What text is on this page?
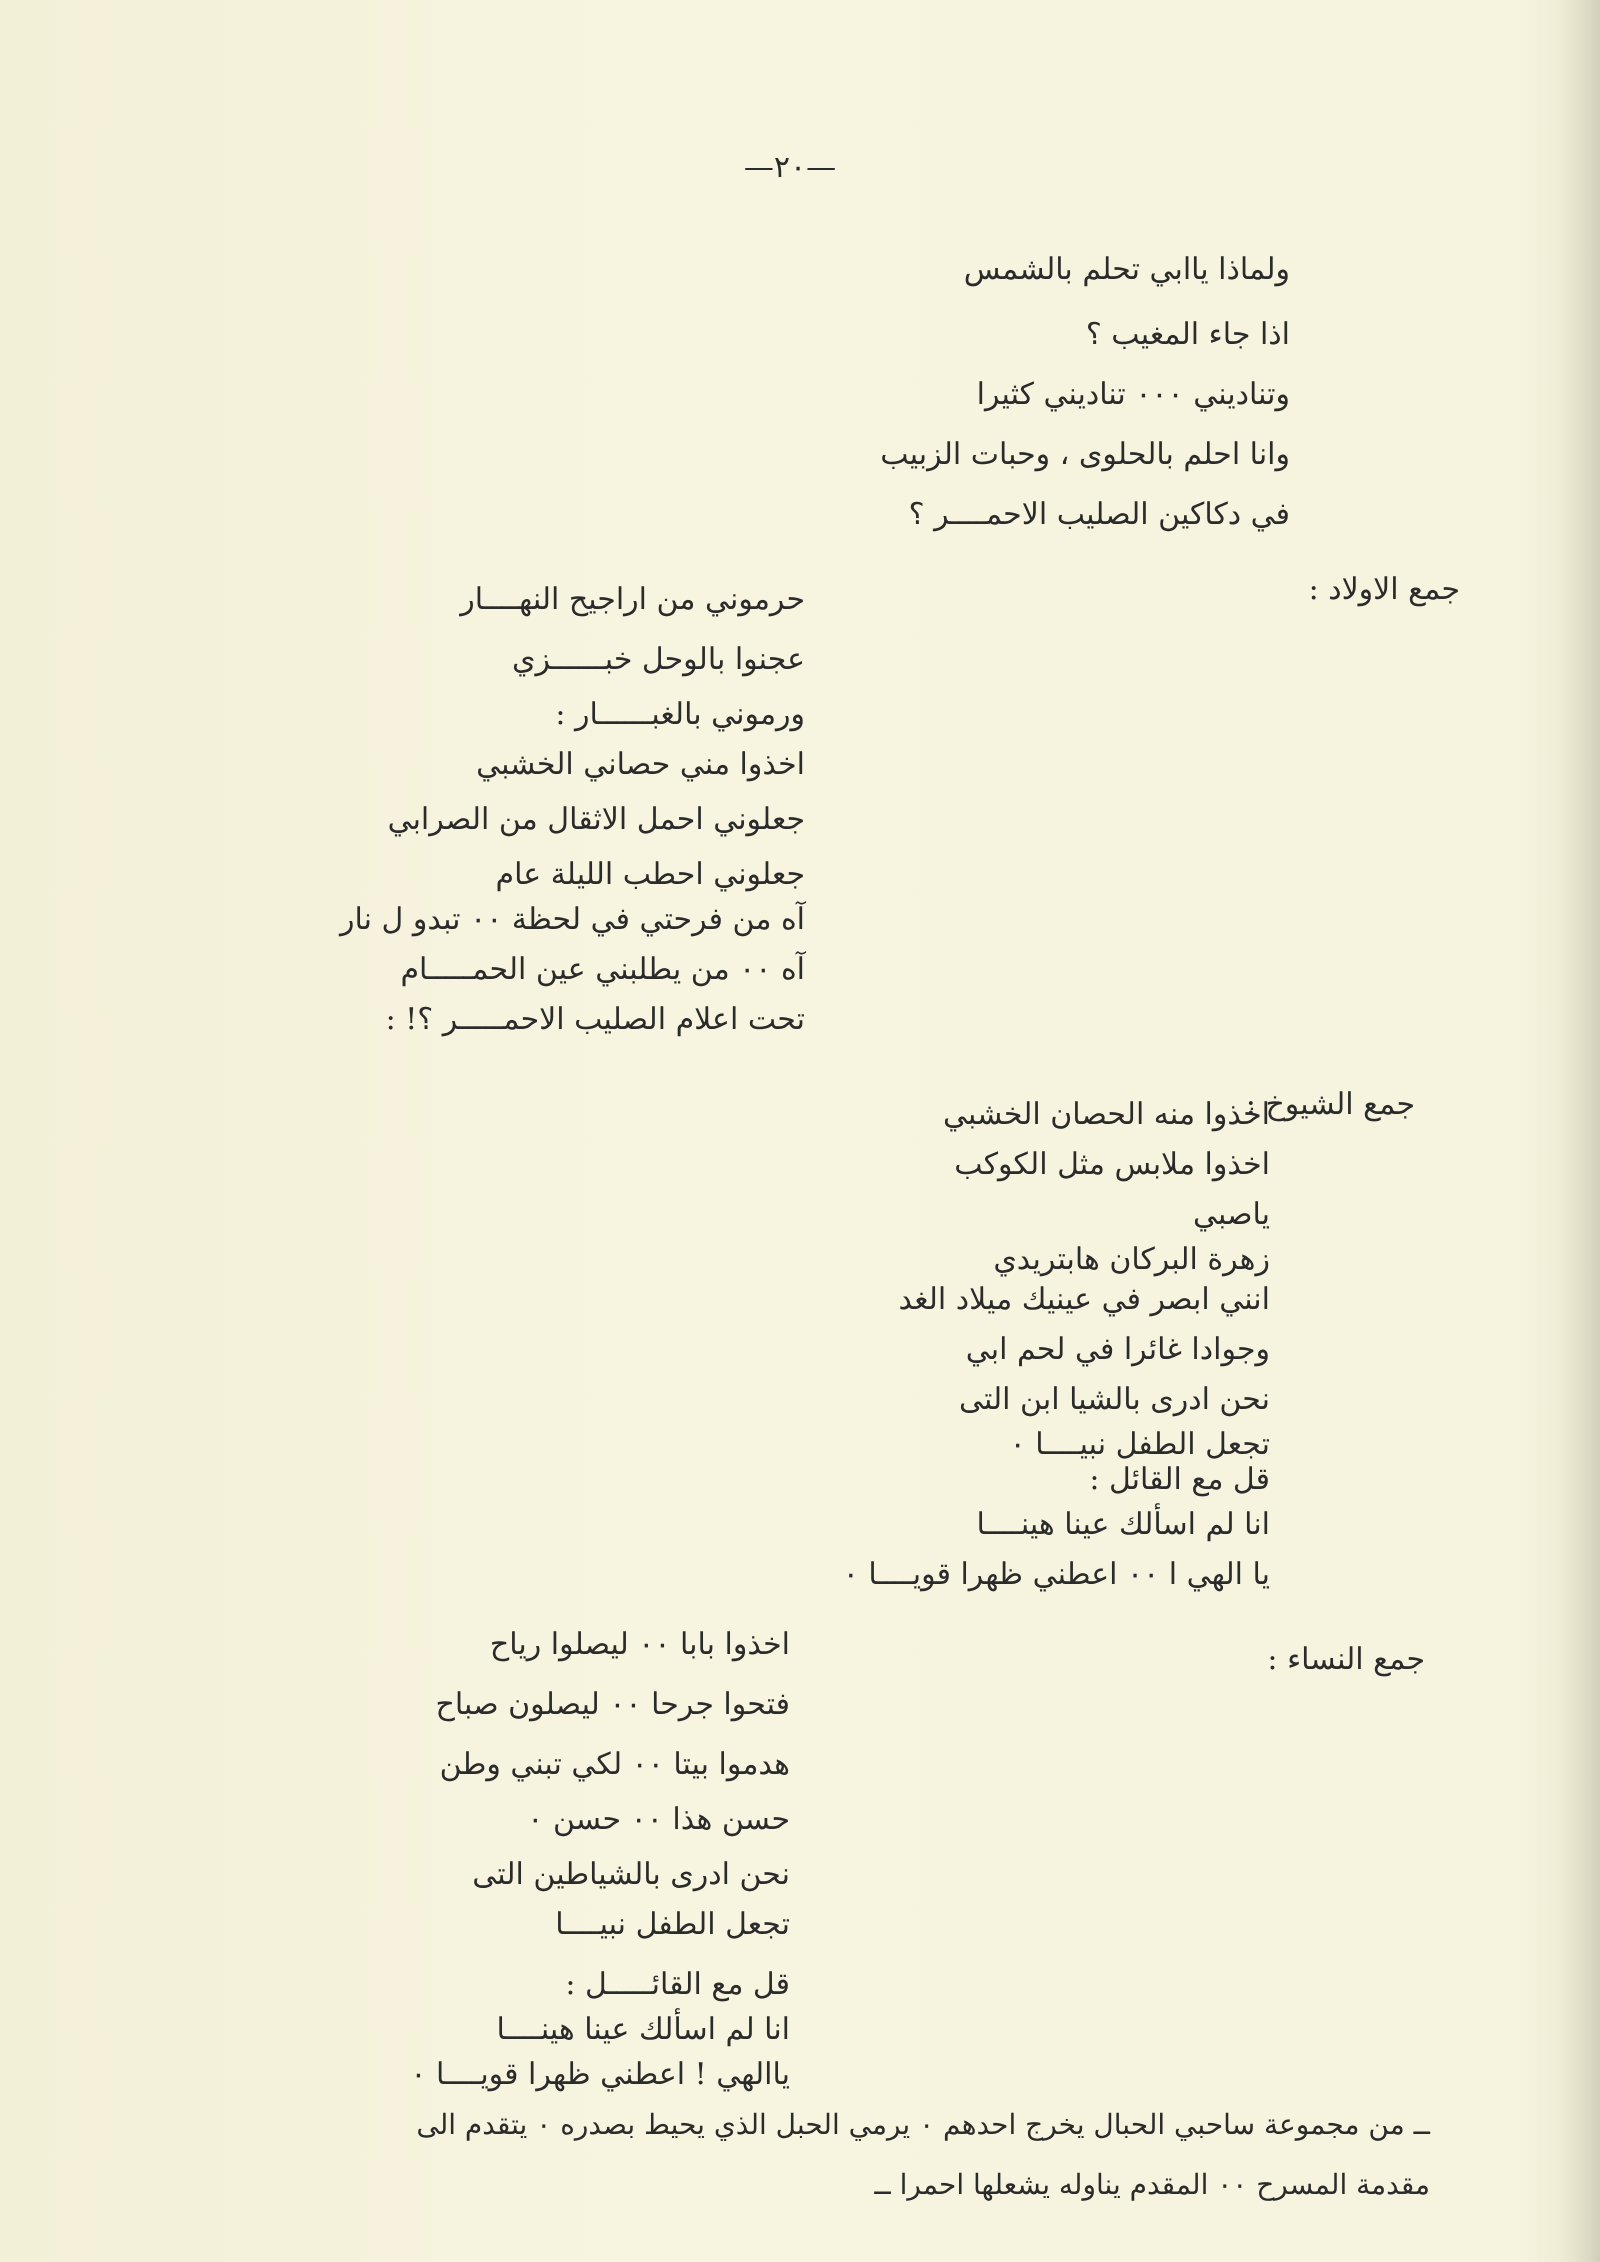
—٢٠—
ولماذا ياابي تحلم بالشمس
اذا جاء المغيب ؟
وتناديني ٠٠٠ تناديني كثيرا
وانا احلم بالحلوى ، وحبات الزبيب
في دكاكين الصليب الاحمــــر ؟
جمع الاولاد :
حرموني من اراجيح النهــــار
عجنوا بالوحل خبــــــزي
ورموني بالغبــــــار :
اخذوا مني حصاني الخشبي
جعلوني احمل الاثقال من الصرابي
جعلوني احطب الليلة عام
آه من فرحتي في لحظة ٠٠ تبدو ل نار
آه ٠٠ من يطلبني عين الحمـــــام
تحت اعلام الصليب الاحمـــــر ؟! :
جمع الشيوخ :
اخذوا منه الحصان الخشبي
اخذوا ملابس مثل الكوكب
ياصبي
زهرة البركان هابتريدي
انني ابصر في عينيك ميلاد الغد
وجوادا غائرا في لحم ابي
نحن ادرى بالشيا ابن التى
تجعل الطفل نبيــــا ٠
قل مع القائل :
انا لم اسألك عينا هينــــا
يا الهي ا ٠٠ اعطني ظهرا قويــــا ٠
جمع النساء :
اخذوا بابا ٠٠ ليصلوا رياح
فتحوا جرحا ٠٠ ليصلون صباح
هدموا بيتا ٠٠ لكي تبني وطن
حسن هذا ٠٠ حسن ٠
نحن ادرى بالشياطين التى
تجعل الطفل نبيــــا
قل مع القائـــــل :
انا لم اسألك عينا هينــــا
ياالهي ! اعطني ظهرا قويــــا ٠
ــ من مجموعة ساحبي الحبال يخرج احدهم ٠ يرمي الحبل الذي يحيط بصدره ٠ يتقدم الى
مقدمة المسرح ٠٠ المقدم يناوله يشعلها احمرا ــ
